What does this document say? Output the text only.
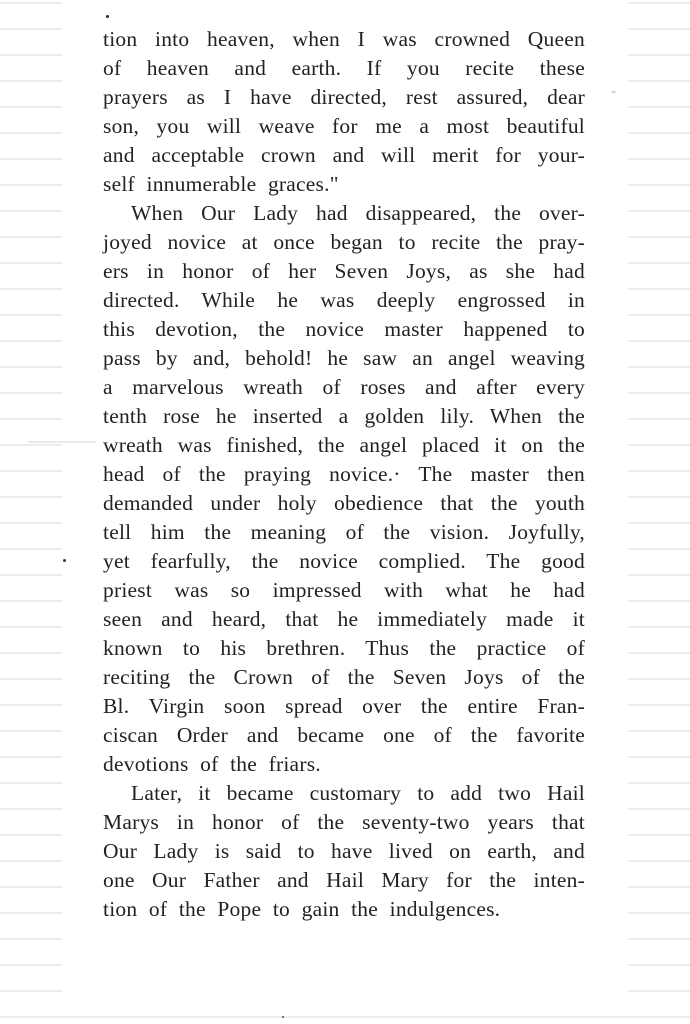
tion into heaven, when I was crowned Queen
of heaven and earth. If you recite these
prayers as I have directed, rest assured, dear
son, you will weave for me a most beautiful
and acceptable crown and will merit for your-
self innumerable graces."
When Our Lady had disappeared, the over-
joyed novice at once began to recite the pray-
ers in honor of her Seven Joys, as she had
directed. While he was deeply engrossed in
this devotion, the novice master happened to
pass by and, behold! he saw an angel weaving
a marvelous wreath of roses and after every
tenth rose he inserted a golden lily. When the
wreath was finished, the angel placed it on the
head of the praying novice.· The master then
demanded under holy obedience that the youth
tell him the meaning of the vision. Joyfully,
yet fearfully, the novice complied. The good
priest was so impressed with what he had
seen and heard, that he immediately made it
known to his brethren. Thus the practice of
reciting the Crown of the Seven Joys of the
Bl. Virgin soon spread over the entire Fran-
ciscan Order and became one of the favorite
devotions of the friars.
Later, it became customary to add two Hail
Marys in honor of the seventy-two years that
Our Lady is said to have lived on earth, and
one Our Father and Hail Mary for the inten-
tion of the Pope to gain the indulgences.
